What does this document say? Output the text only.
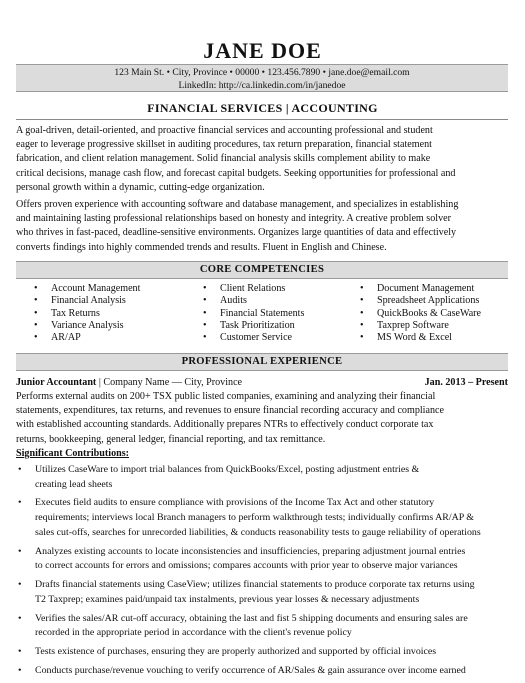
JANE DOE
123 Main St. • City, Province • 00000 • 123.456.7890 • jane.doe@email.com
LinkedIn: http://ca.linkedin.com/in/janedoe
FINANCIAL SERVICES | ACCOUNTING

A goal-driven, detail-oriented, and proactive financial services and accounting professional and student
eager to leverage progressive skillset in auditing procedures, tax return preparation, financial statement
fabrication, and client relation management. Solid financial analysis skills complement ability to make
critical decisions, manage cash flow, and forecast capital budgets. Seeking opportunities for professional and
personal growth within a dynamic, cutting-edge organization.

Offers proven experience with accounting software and database management, and specializes in establishing
and maintaining lasting professional relationships based on honesty and integrity. A creative problem solver
who thrives in fast-paced, deadline-sensitive environments. Organizes large quantities of data and effectively
converts findings into highly commended trends and results. Fluent in English and Chinese.

CORE COMPETENCIES
• Account Management
• Financial Analysis
• Tax Returns
• Variance Analysis
• AR/AP
• Client Relations
• Audits
• Financial Statements
• Task Prioritization
• Customer Service
• Document Management
• Spreadsheet Applications
• QuickBooks & CaseWare
• Taxprep Software
• MS Word & Excel
PROFESSIONAL EXPERIENCE
Junior Accountant | Company Name — City, Province	Jan. 2013 – Present

Performs external audits on 200+ TSX public listed companies, examining and analyzing their financial
statements, expenditures, tax returns, and revenues to ensure financial recording accuracy and compliance
with established accounting standards. Additionally prepares NTRs to effectively conduct corporate tax
returns, bookkeeping, general ledger, financial reporting, and tax remittance.

Significant Contributions:
• Utilizes CaseWare to import trial balances from QuickBooks/Excel, posting adjustment entries &
creating lead sheets
• Executes field audits to ensure compliance with provisions of the Income Tax Act and other statutory
requirements; interviews local Branch managers to perform walkthrough tests; individually confirms AR/AP &
sales cut-offs, searches for unrecorded liabilities, & conducts reasonability tests to gauge reliability of operations
• Analyzes existing accounts to locate inconsistencies and insufficiencies, preparing adjustment journal entries
to correct accounts for errors and omissions; compares accounts with prior year to observe major variances
• Drafts financial statements using CaseView; utilizes financial statements to produce corporate tax returns using
T2 Taxprep; examines paid/unpaid tax instalments, previous year losses & necessary adjustments
• Verifies the sales/AR cut-off accuracy, obtaining the last and fist 5 shipping documents and ensuring sales are
recorded in the appropriate period in accordance with the client's revenue policy
• Tests existence of purchases, ensuring they are properly authorized and supported by official invoices
• Conducts purchase/revenue vouching to verify occurrence of AR/Sales & gain assurance over income earned
